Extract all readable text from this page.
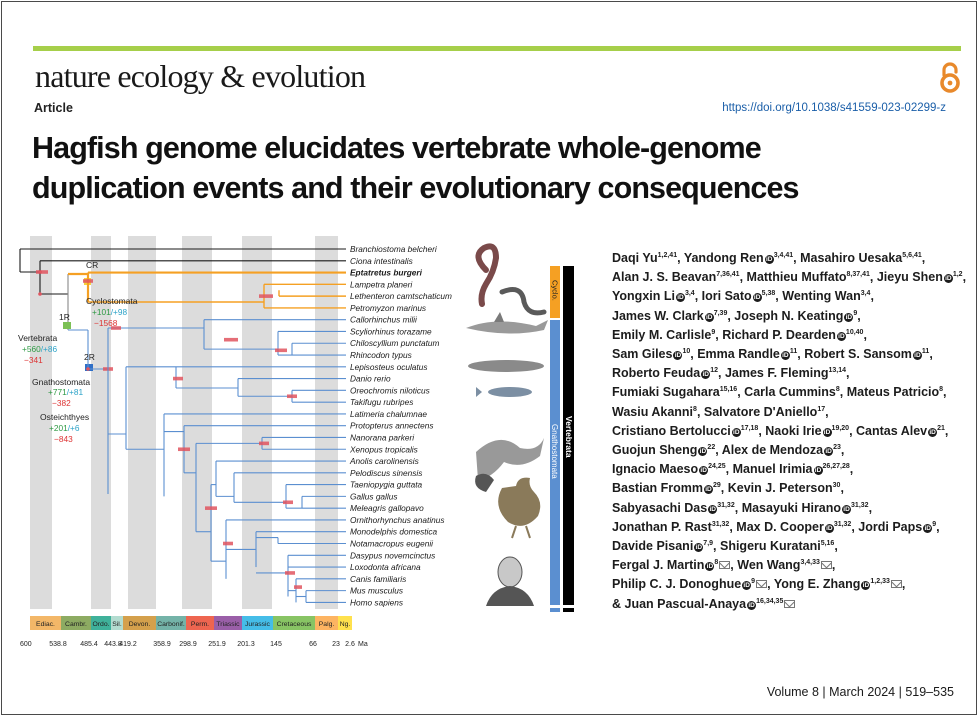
nature ecology & evolution
Article	https://doi.org/10.1038/s41559-023-02299-z
Hagfish genome elucidates vertebrate whole-genome
duplication events and their evolutionary consequences
Branchiostoma belcheri
Ciona intestinalis
Eptatretus burgeri
Lampetra planeri
Lethenteron camtschaticum
Petromyzon marinus
Callorhinchus milii
Scyliorhinus torazame
Chiloscyllium punctatum
Rhincodon typus
Lepisosteus oculatus
Danio rerio
Oreochromis niloticus
Takifugu rubripes
Latimeria chalumnae
Protopterus annectens
Nanorana parkeri
Xenopus tropicalis
Anolis carolinensis
Pelodiscus sinensis
Taeniopygia guttata
Gallus gallus
Meleagris gallopavo
Ornithorhynchus anatinus
Monodelphis domestica
Notamacropus eugenii
Dasypus novemcinctus
Loxodonta africana
Canis familiaris
Mus musculus
Homo sapiens
CR
1R
2R
Cyclostomata
+101/+98
−1568
Vertebrata
+560/+86
−341
Gnathostomata
+771/+81
−382
Osteichthyes
+201/+6
−843
Cyclo.
Gnathostomata Vertebrata
Ediac. Cambr. Ordo. Sil. Devon. Carbonif. Perm. Triassic Jurassic Cretaceous Palg. Ng.
600	538.8 485.4 443.8
419.2 358.9 298.9 251.9 201.3 145	66 23 2.6 Ma
Daqi Yu$^{1,2,41}$, Yandong Ren iD$^{3,4,41}$, Masahiro Uesaka$^{5,6,41}$,
Alan J. S. Beavan$^{7,36,41}$, Matthieu Muffato$^{8,37,41}$, Jieyu Shen iD$^{1,2}$,
Yongxin Li iD$^{3,4}$, Iori Sato iD$^{5,38}$, Wenting Wan$^{3,4}$,
James W. Clark iD$^{7,39}$, Joseph N. Keating $iD^9$,
Emily M. Carlisle$^9$, Richard P. Dearden iD$^{10,40}$,
Sam Giles $iD^{10}$, Emma Randle $iD^{11}$, Robert S. Sansom $iD^{11}$,
Roberto Feuda $iD^{12}$, James F. Fleming$^{13,14}$,
Fumiaki Sugahara$^{15,16}$, Carla Cummins$^8$, Mateus Patricio$^8$,
Wasiu Akanni$^8$, Salvatore D'Aniello$^{17}$,
Cristiano Bertolucci iD$^{17,18}$, Naoki Irie iD$^{19,20}$, Cantas Alev $iD^{21}$,
Guojun Sheng $iD^{22}$, Alex de Mendoza $iD^{23}$,
Ignacio Maeso iD$^{24,25}$, Manuel Irimia iD$^{26,27,28}$,
Bastian Fromm $iD^{29}$, Kevin J. Peterson$^{30}$,
Sabyasachi Das iD$^{31,32}$, Masayuki Hirano iD$^{31,32}$,
Jonathan P. Rast$^{31,32}$, Max D. Cooper iD$^{31,32}$, Jordi Paps $iD^9$,
Davide Pisani iD$^{7,9}$, Shigeru Kuratani$^{5,16}$,
Fergal J. Martin $iD^8$ , Wen Wang$^{3,4,33}$ ,
Philip C. J. Donoghue $iD^9$ , Yong E. Zhang iD$^{1,2,33}$ ,
& Juan Pascual-Anaya iD$^{16,34,35}$
Volume 8 | March 2024 | 519–535
